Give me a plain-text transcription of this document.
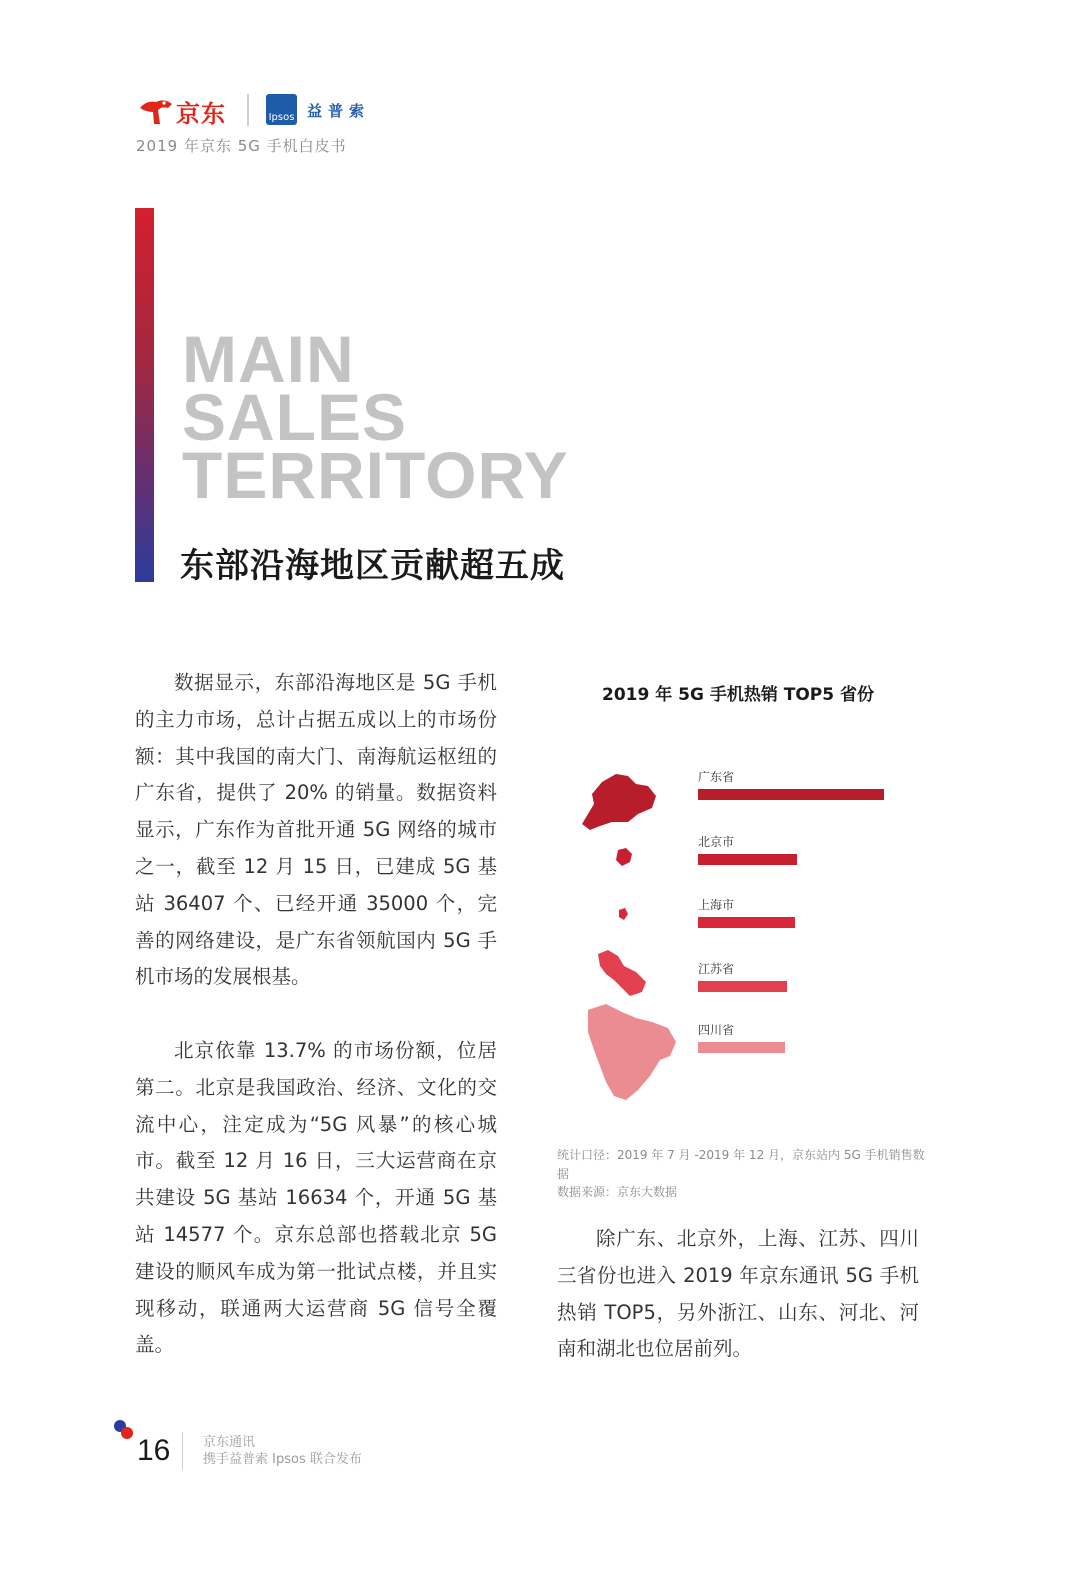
京东	Ipsos 益普索
2019 年京东 5G 手机白皮书
MAIN
SALES
TERRITORY
东部沿海地区贡献超五成

数据显示，东部沿海地区是 5G 手机的主力市场，总计占据五成以上的市场份额：其中我国的南大门、南海航运枢纽的广东省，提供了 20% 的销量。数据资料显示，广东作为首批开通 5G 网络的城市之一，截至 12 月 15 日，已建成 5G 基站 36407 个、已经开通 35000 个，完善的网络建设，是广东省领航国内 5G 手机市场的发展根基。

北京依靠 13.7% 的市场份额，位居第二。北京是我国政治、经济、文化的交流中心，注定成为“5G 风暴”的核心城市。截至 12 月 16 日，三大运营商在京共建设 5G 基站 16634 个，开通 5G 基站 14577 个。京东总部也搭载北京 5G 建设的顺风车成为第一批试点楼，并且实现移动，联通两大运营商 5G 信号全覆盖。

2019 年 5G 手机热销 TOP5 省份
广东省
北京市
上海市
江苏省
四川省
统计口径：2019 年 7 月 -2019 年 12 月，京东站内 5G 手机销售数据
数据来源：京东大数据

除广东、北京外，上海、江苏、四川三省份也进入 2019 年京东通讯 5G 手机热销 TOP5，另外浙江、山东、河北、河南和湖北也位居前列。

16	京东通讯
携手益普索 Ipsos 联合发布
